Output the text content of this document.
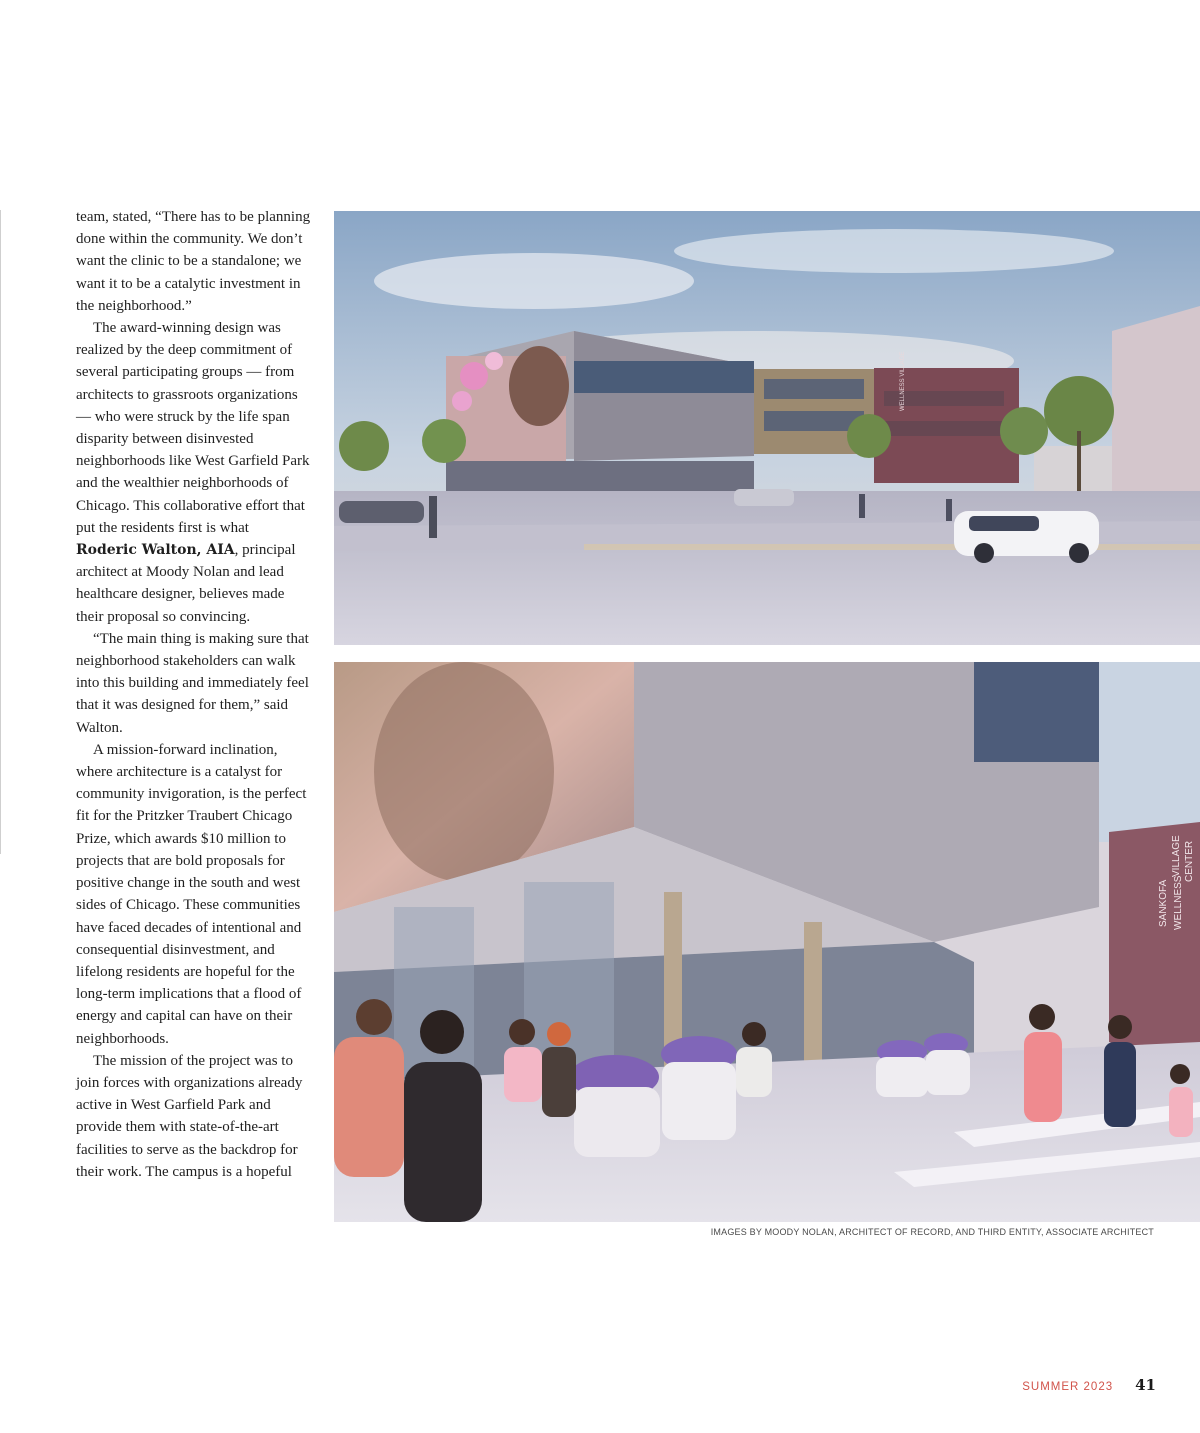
team, stated, “There has to be planning done within the community. We don’t want the clinic to be a standalone; we want it to be a catalytic investment in the neighborhood.”

The award-winning design was realized by the deep commitment of several participating groups — from architects to grassroots organizations — who were struck by the life span disparity between disinvested neighborhoods like West Garfield Park and the wealthier neighborhoods of Chicago. This collaborative effort that put the residents first is what Roderic Walton, AIA, principal architect at Moody Nolan and lead healthcare designer, believes made their proposal so convincing.

“The main thing is making sure that neighborhood stakeholders can walk into this building and immediately feel that it was designed for them,” said Walton.

A mission-forward inclination, where architecture is a catalyst for community invigoration, is the perfect fit for the Pritzker Traubert Chicago Prize, which awards $10 million to projects that are bold proposals for positive change in the south and west sides of Chicago. These communities have faced decades of intentional and consequential disinvestment, and lifelong residents are hopeful for the long-term implications that a flood of energy and capital can have on their neighborhoods.

The mission of the project was to join forces with organizations already active in West Garfield Park and provide them with state-of-the-art facilities to serve as the backdrop for their work. The campus is a hopeful

WELLNESS VILLAGE
SANKOFA
VILLAGE
WELLNESS
CENTER
IMAGES BY MOODY NOLAN, ARCHITECT OF RECORD, AND THIRD ENTITY, ASSOCIATE ARCHITECT
SUMMER 2023 41
